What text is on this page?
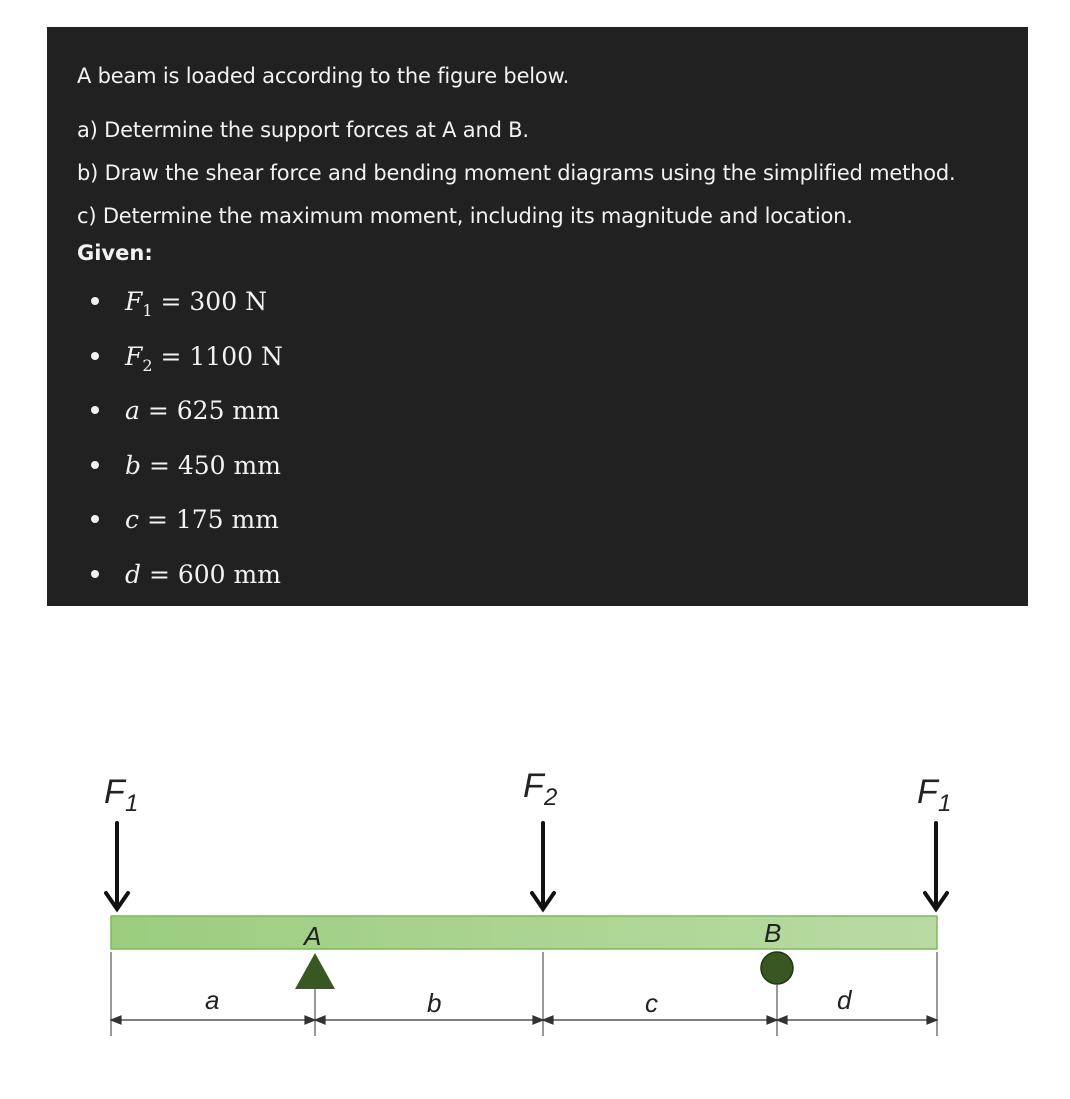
A beam is loaded according to the figure below.
a) Determine the support forces at A and B.
b) Draw the shear force and bending moment diagrams using the simplified method.
c) Determine the maximum moment, including its magnitude and location.
Given:
$F_1 = 300$ N
$F_2 = 1100$ N
a = 625 mm
b = 450 mm
c = 175 mm
d = 600 mm
F 1	F 2	F 1
A	B
a	b	c	d
